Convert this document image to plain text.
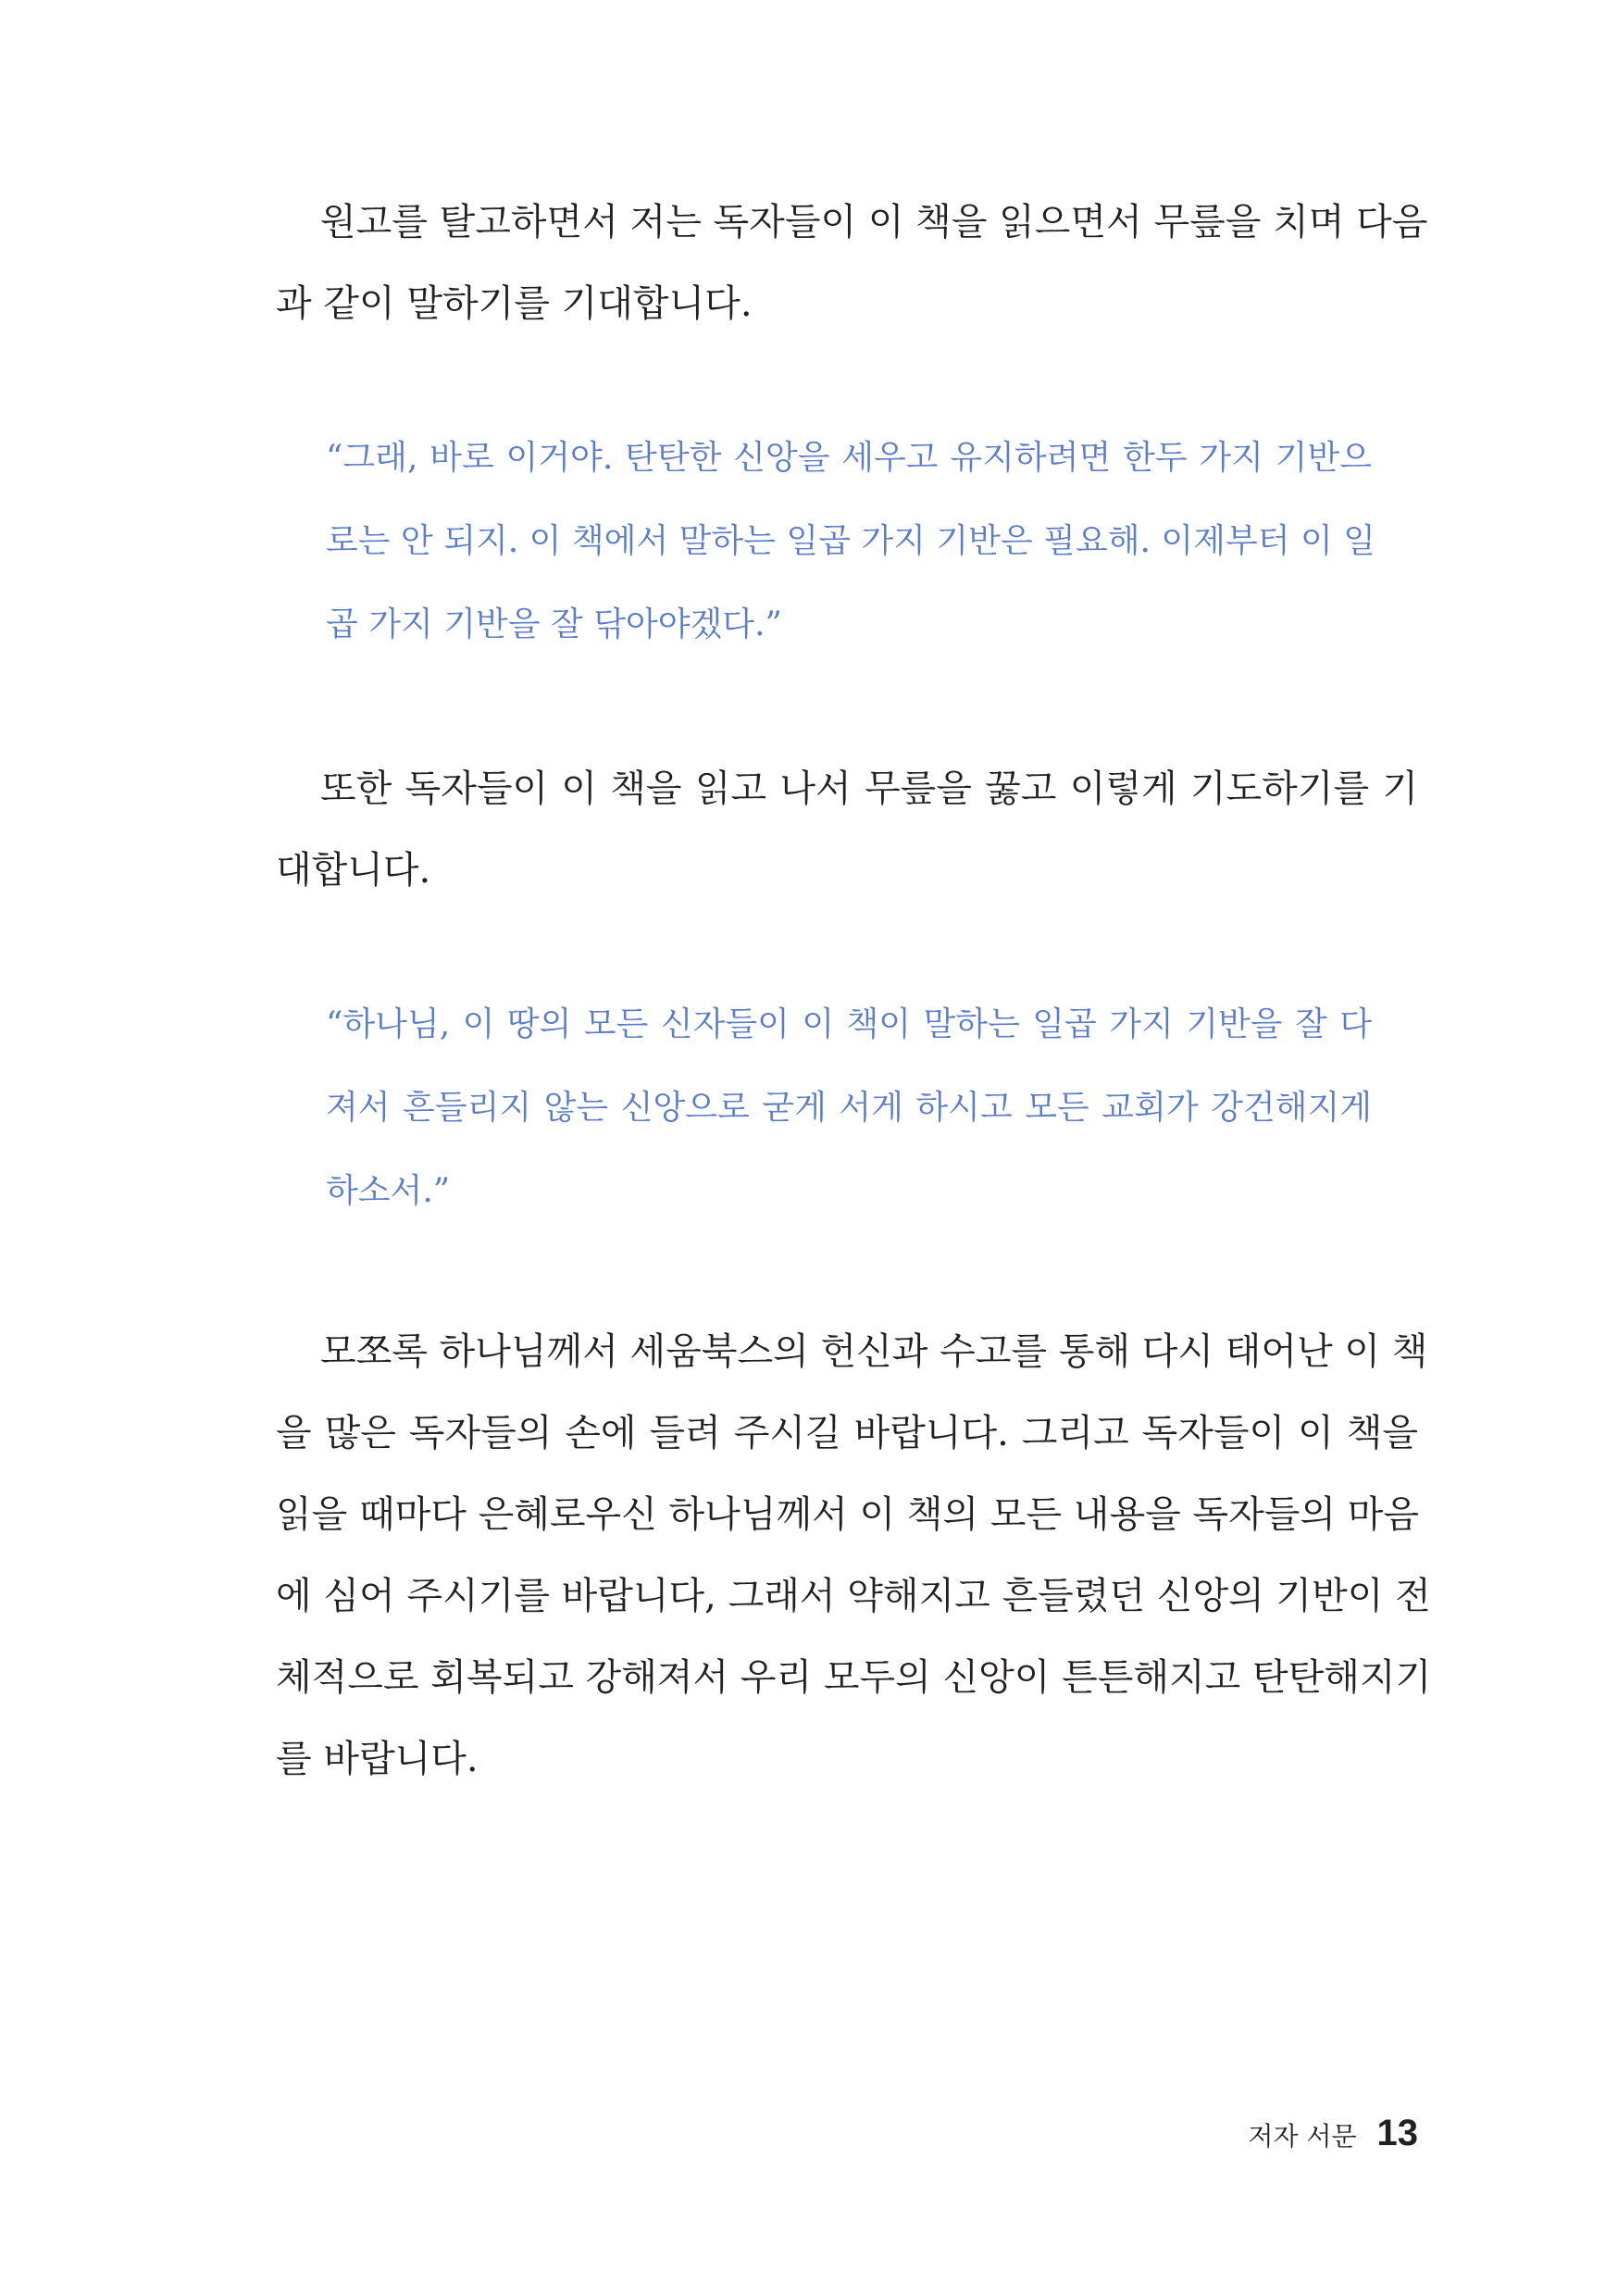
원고를 탈고하면서 저는 독자들이 이 책을 읽으면서 무릎을 치며 다음
과 같이 말하기를 기대합니다.
“그래, 바로 이거야. 탄탄한 신앙을 세우고 유지하려면 한두 가지 기반으
로는 안 되지. 이 책에서 말하는 일곱 가지 기반은 필요해. 이제부터 이 일
곱 가지 기반을 잘 닦아야겠다.”
또한 독자들이 이 책을 읽고 나서 무릎을 꿇고 이렇게 기도하기를 기
대합니다.
“하나님, 이 땅의 모든 신자들이 이 책이 말하는 일곱 가지 기반을 잘 다
져서 흔들리지 않는 신앙으로 굳게 서게 하시고 모든 교회가 강건해지게
하소서.”
모쪼록 하나님께서 세움북스의 헌신과 수고를 통해 다시 태어난 이 책
을 많은 독자들의 손에 들려 주시길 바랍니다. 그리고 독자들이 이 책을
읽을 때마다 은혜로우신 하나님께서 이 책의 모든 내용을 독자들의 마음
에 심어 주시기를 바랍니다, 그래서 약해지고 흔들렸던 신앙의 기반이 전
체적으로 회복되고 강해져서 우리 모두의 신앙이 튼튼해지고 탄탄해지기
를 바랍니다.
저자 서문 13
